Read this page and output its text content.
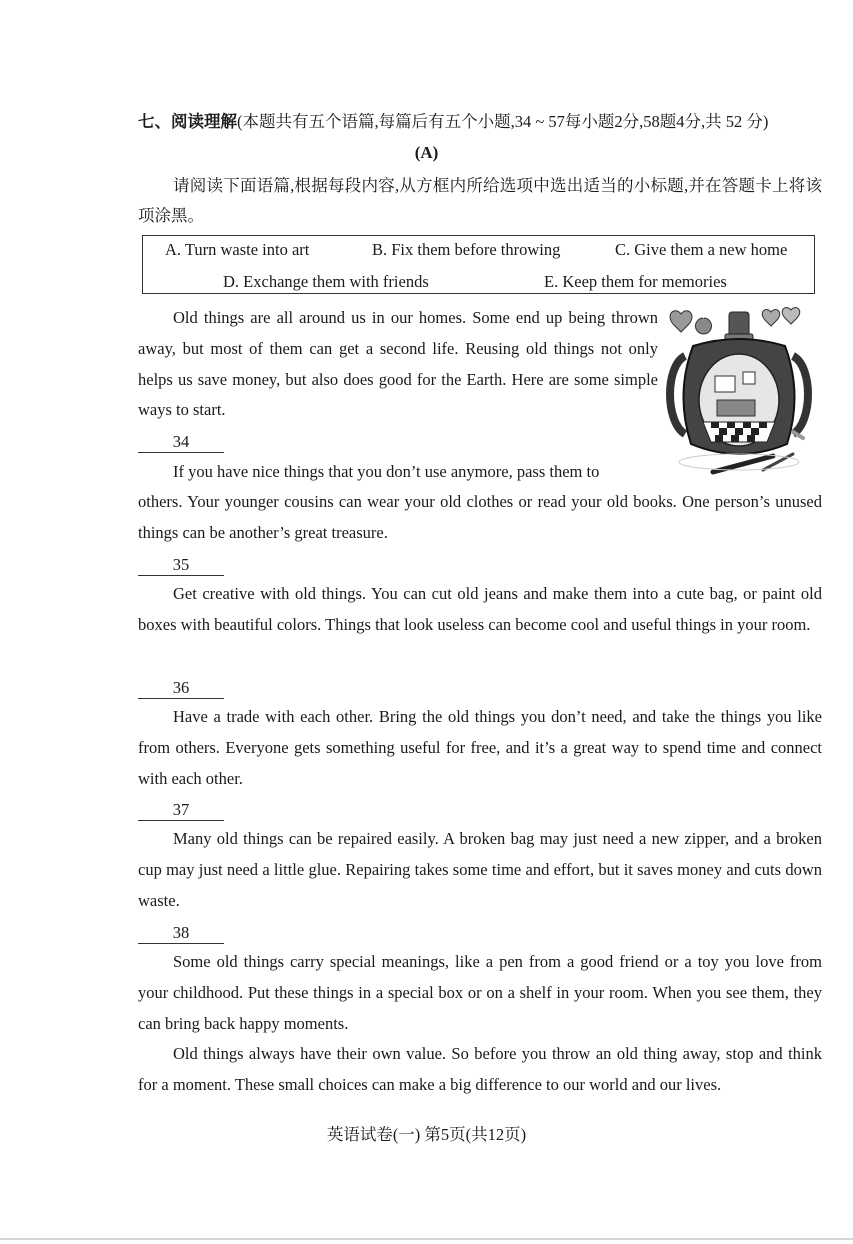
七、阅读理解(本题共有五个语篇,每篇后有五个小题,34 ~ 57每小题2分,58题4分,共 52 分)
(A)
请阅读下面语篇,根据每段内容,从方框内所给选项中选出适当的小标题,并在答题卡上将该项涂黑。
A. Turn waste into art	B. Fix them before throwing	C. Give them a new home
D. Exchange them with friends	E. Keep them for memories

Old things are all around us in our homes. Some end up being thrown away, but most of them can get a second life. Reusing old things not only helps us save money, but also does good for the Earth. Here are some simple ways to start.

34

If you have nice things that you don’t use anymore, pass them to

others. Your younger cousins can wear your old clothes or read your old books. One person’s unused things can be another’s great treasure.

35

Get creative with old things. You can cut old jeans and make them into a cute bag, or paint old boxes with beautiful colors. Things that look useless can become cool and useful things in your room.

36

Have a trade with each other. Bring the old things you don’t need, and take the things you like from others. Everyone gets something useful for free, and it’s a great way to spend time and connect with each other.

37

Many old things can be repaired easily. A broken bag may just need a new zipper, and a broken cup may just need a little glue. Repairing takes some time and effort, but it saves money and cuts down waste.

38

Some old things carry special meanings, like a pen from a good friend or a toy you love from your childhood. Put these things in a special box or on a shelf in your room. When you see them, they can bring back happy moments.

Old things always have their own value. So before you throw an old thing away, stop and think for a moment. These small choices can make a big difference to our world and our lives.

英语试卷(一) 第5页(共12页)
